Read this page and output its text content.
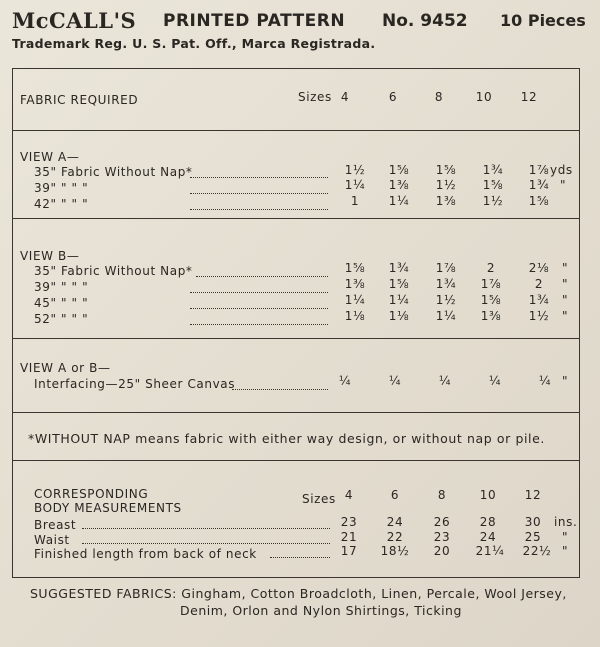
McCALL'S PRINTED PATTERN No. 9452 10 Pieces
Trademark Reg. U. S. Pat. Off., Marca Registrada.
FABRIC REQUIRED	Sizes 4	6	8	10	12
VIEW A—
35" Fabric Without Nap*	1½	1⅝	1⅝	1¾	1⅞ yds
39" " " "	1¼	1⅜	1½	1⅝	1¾ "
42" " " "	1	1¼	1⅜	1½	1⅝
VIEW B—
35" Fabric Without Nap*	1⅝	1¾	1⅞	2	2⅛	"
39" " " "	1⅜	1⅝	1¾	1⅞	2	"
45" " " "	1¼	1¼	1½	1⅝	1¾	"
52" " " "	1⅛	1⅛	1¼	1⅜	1½	"
VIEW A or B—
Interfacing—25" Sheer Canvas	¼	¼	¼	¼	¼ "
*WITHOUT NAP means fabric with either way design, or without nap or pile.
CORRESPONDING
BODY MEASUREMENTS
Sizes 4	6	8	10	12
Breast	23	24	26	28	30	ins.
Waist	21	22	23	24	25	"
Finished length from back of neck	17	18½	20	21¼ 22½ "
SUGGESTED FABRICS: Gingham, Cotton Broadcloth, Linen, Percale, Wool Jersey,
Denim, Orlon and Nylon Shirtings, Ticking
